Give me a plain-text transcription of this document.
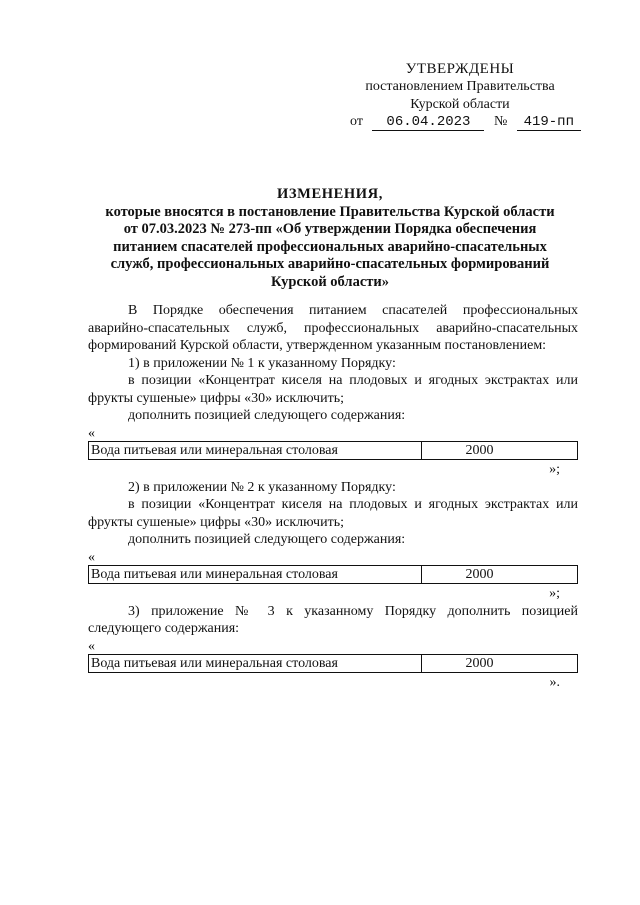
УТВЕРЖДЕНЫ
постановлением Правительства
Курской области
от 06.04.2023 № 419-пп
ИЗМЕНЕНИЯ,
которые вносятся в постановление Правительства Курской области
от 07.03.2023 № 273-пп «Об утверждении Порядка обеспечения
питанием спасателей профессиональных аварийно-спасательных
служб, профессиональных аварийно-спасательных формирований
Курской области»

В Порядке обеспечения питанием спасателей профессиональных аварийно-спасательных служб, профессиональных аварийно-спасательных формирований Курской области, утвержденном указанным постановлением:

1) в приложении № 1 к указанному Порядку:

в позиции «Концентрат киселя на плодовых и ягодных экстрактах или фрукты сушеные» цифры «30» исключить;

дополнить позицией следующего содержания:

«

Вода питьевая или минеральная столовая	2000

»;

2) в приложении № 2 к указанному Порядку:

в позиции «Концентрат киселя на плодовых и ягодных экстрактах или фрукты сушеные» цифры «30» исключить;

дополнить позицией следующего содержания:

«

Вода питьевая или минеральная столовая	2000

»;

3) приложение № 3 к указанному Порядку дополнить позицией следующего содержания:

«

Вода питьевая или минеральная столовая	2000

».
